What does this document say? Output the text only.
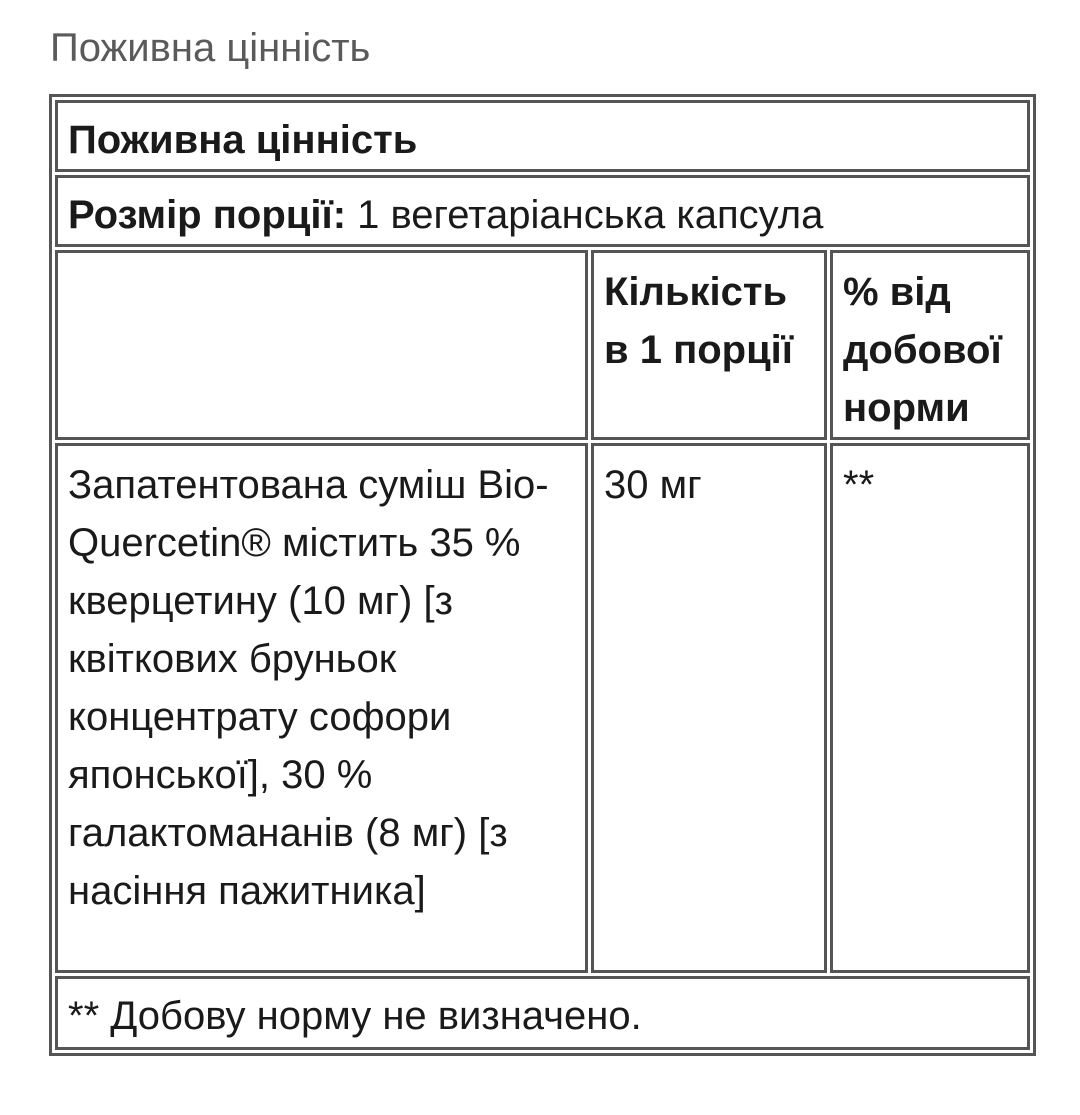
Поживна цінність
Поживна цінність		
Розмір порції: 1 вегетаріанська капсула		
	Кількість в 1 порції	% від добової норми
Запатентована суміш Bio-Quercetin® містить 35 % кверцетину (10 мг) [з квіткових бруньок концентрату софори японської], 30 % галактомананів (8 мг) [з насіння пажитника]	30 мг	**
** Добову норму не визначено.		
